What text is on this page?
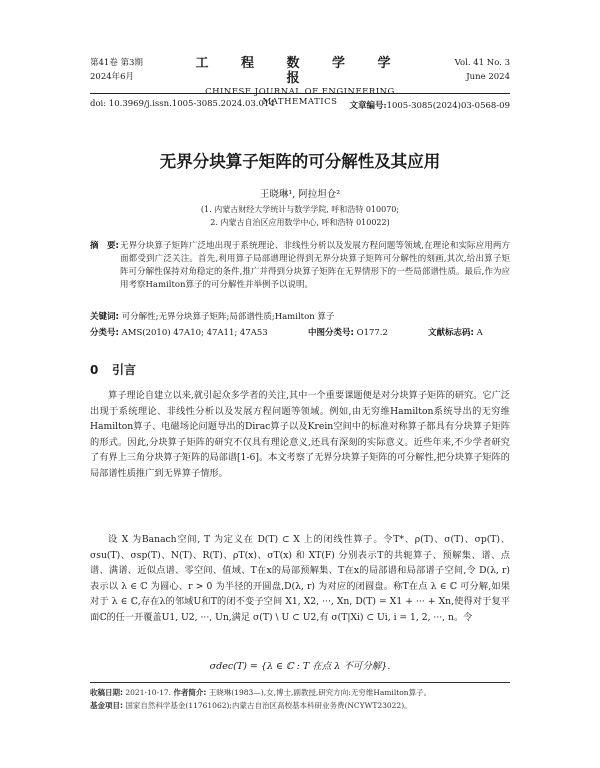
第41卷 第3期
2024年6月
工 程 数 学 学 报
CHINESE JOURNAL OF ENGINEERING MATHEMATICS
Vol. 41 No. 3
June 2024
doi: 10.3969/j.issn.1005-3085.2024.03.014	文章编号:1005-3085(2024)03-0568-09
无界分块算子矩阵的可分解性及其应用
王晓琳¹, 阿拉坦仓²
(1. 内蒙古财经大学统计与数学学院, 呼和浩特 010070;
2. 内蒙古自治区应用数学中心, 呼和浩特 010022)
摘　要: 无界分块算子矩阵广泛地出现于系统理论、非线性分析以及发展方程问题等领域,在理论和实际应用两方面都受到广泛关注。首先,利用算子局部谱理论得到无界分块算子矩阵可分解性的刻画,其次,给出算子矩阵可分解性保持对角稳定的条件,推广并得到分块算子矩阵在无界情形下的一些局部谱性质。最后,作为应用考察Hamilton算子的可分解性并举例予以说明。
关键词: 可分解性;无界分块算子矩阵;局部谱性质;Hamilton 算子
分类号: AMS(2010) 47A10; 47A11; 47A53	中图分类号: O177.2	文献标志码: A
0 引言
算子理论自建立以来,就引起众多学者的关注,其中一个重要课题便是对分块算子矩阵的研究。它广泛出现于系统理论、非线性分析以及发展方程问题等领域。例如,由无穷维Hamilton系统导出的无穷维Hamilton算子、电磁场论问题导出的Dirac算子以及Krein空间中的标准对称算子都具有分块算子矩阵的形式。因此,分块算子矩阵的研究不仅具有理论意义,还具有深刻的实际意义。近些年来,不少学者研究了有界上三角分块算子矩阵的局部谱[1-6]。本文考察了无界分块算子矩阵的可分解性,把分块算子矩阵的局部谱性质推广到无界算子情形。
设 X 为Banach空间, T 为定义在 D(T) ⊂ X 上的闭线性算子。令T*、ρ(T)、σ(T)、σp(T)、σsu(T)、σsp(T)、N(T)、R(T)、ρT(x)、σT(x) 和 XT(F) 分别表示T的共轭算子、预解集、谱、点谱、满谱、近似点谱、零空间、值域、T在x的局部预解集、T在x的局部谱和局部谱子空间,令 D(λ, r) 表示以 λ ∈ ℂ 为圆心、r > 0 为半径的开圆盘,D(λ, r) 为对应的闭圆盘。称T在点 λ ∈ ℂ 可分解,如果对于 λ ∈ ℂ,存在λ的邻域U和T的闭不变子空间 X1, X2, ···, Xn, D(T) = X1 + ··· + Xn,使得对于复平面ℂ的任一开覆盖U1, U2, ···, Un,满足 σ(T) \ U ⊂ U2,有 σ(T|Xi) ⊂ Ui, i = 1, 2, ···, n。令
σdec(T) = {λ ∈ ℂ : T 在点 λ 不可分解}.
收稿日期: 2021-10-17. 作者简介: 王晓琳(1983—),女,博士,副教授,研究方向:无穷维Hamilton算子。
基金项目: 国家自然科学基金(11761062);内蒙古自治区高校基本科研业务费(NCYWT23022)。
